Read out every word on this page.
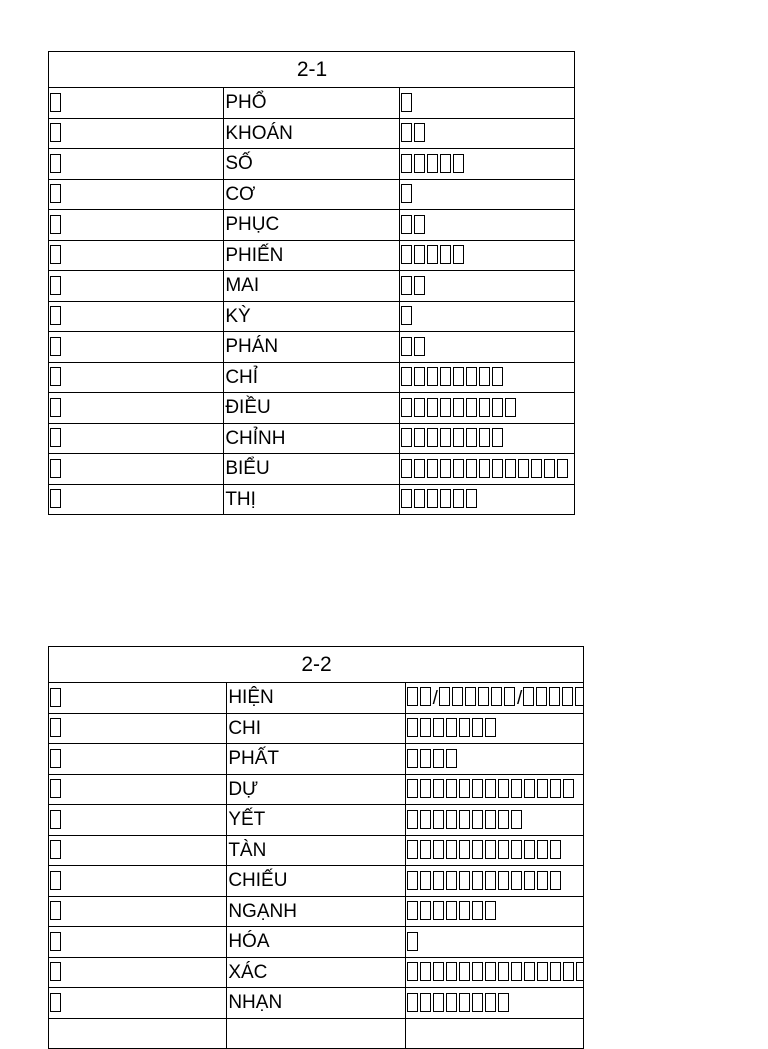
2-1		
	PHỔ	
	KHOÁN	
	SỐ	
	CƠ	
	PHỤC	
	PHIẾN	
	MAI	
	KỲ	
	PHÁN	
	CHỈ	
	ĐIỀU	
	CHỈNH	
	BIỂU	
	THỊ	
2-2		
	HIỆN	/ /
	CHI	
	PHẤT	
	DỰ	
	YẾT	
	TÀN	
	CHIẾU	
	NGẠNH	
	HÓA	
	XÁC	
	NHẠN	
